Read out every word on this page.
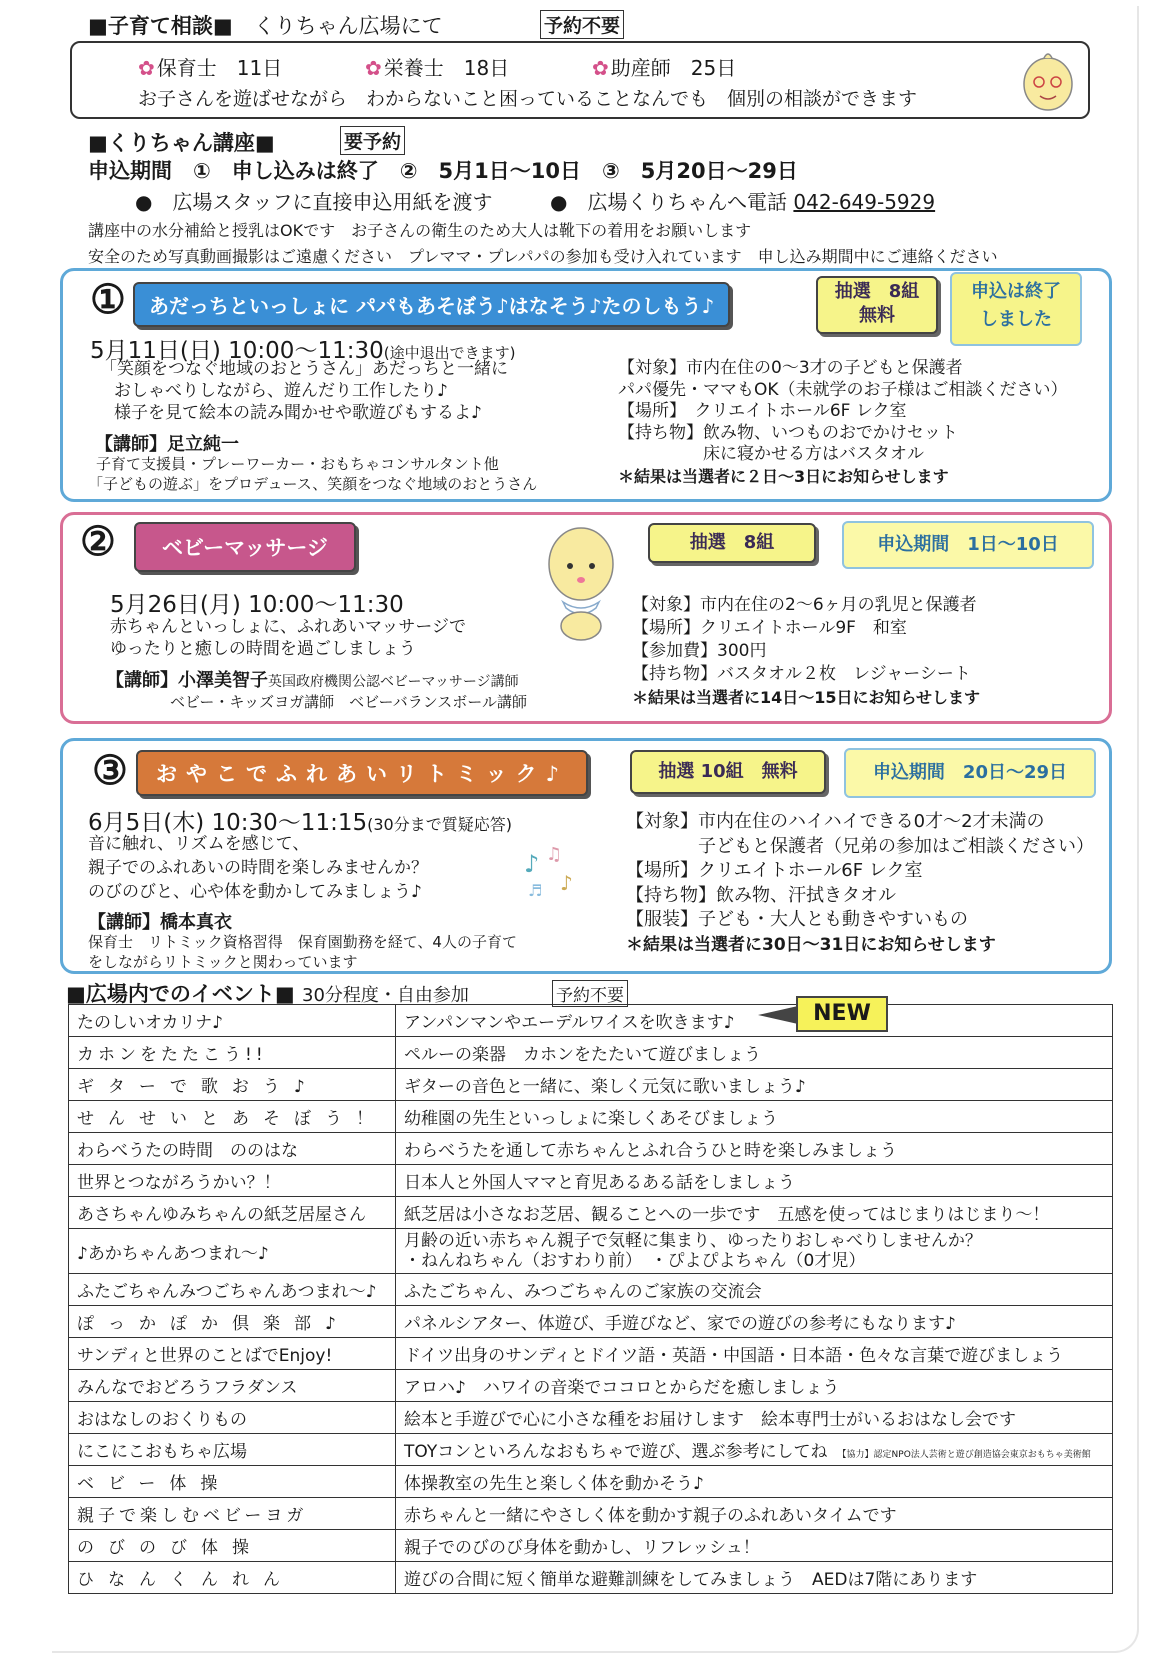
■子育て相談■　 くりちゃん広場にて	予約不要
✿ 保育士　 11日	✿ 栄養士　 18日	✿ 助産師　 25日
お子さんを遊ばせながら　わからないこと困っていることなんでも　個別の相談ができます
■くりちゃん講座■	要予約
申込期間　①　申し込みは終了　②　5月1日～10日　③　5月20日～29日
●　広場スタッフに直接申込用紙を渡す	●　広場くりちゃんへ電話 042-649-5929
講座中の水分補給と授乳はOKです　お子さんの衛生のため大人は靴下の着用をお願いします
安全のため写真動画撮影はご遠慮ください　プレママ・プレパパの参加も受け入れています　申し込み期間中にご連絡ください
①	あだっちといっしょに パパもあそぼう♪はなそう♪たのしもう♪
抽選　8組
無料
申込は終了
しました
5月11日(日) 10:00～11:30(途中退出できます)
「笑顔をつなぐ地域のおとうさん」あだっちと一緒に
おしゃべりしながら、遊んだり工作したり♪
様子を見て絵本の読み聞かせや歌遊びもするよ♪
【講師】足立純一
子育て支援員・プレーワーカー・おもちゃコンサルタント他
「子どもの遊ぶ」をプロデュース、笑顔をつなぐ地域のおとうさん
【対象】市内在住の0～3才の子どもと保護者
パパ優先・ママもOK（未就学のお子様はご相談ください）
【場所】　クリエイトホール6F レク室
【持ち物】飲み物、いつものおでかけセット
　　　　　床に寝かせる方はバスタオル
＊結果は当選者に２日～3日にお知らせします
②	ベビーマッサージ	抽選　8組	申込期間　1日～10日
5月26日(月) 10:00～11:30
赤ちゃんといっしょに、ふれあいマッサージで
ゆったりと癒しの時間を過ごしましょう
【講師】小澤美智子英国政府機関公認ベビーマッサージ講師
ベビー・キッズヨガ講師　ベビーバランスボール講師
【対象】市内在住の2～6ヶ月の乳児と保護者
【場所】クリエイトホール9F　和室
【参加費】300円
【持ち物】バスタオル２枚　レジャーシート
＊結果は当選者に14日～15日にお知らせします
③	おやこでふれあいリトミック♪	抽選 10組　無料	申込期間　20日～29日
6月5日(木) 10:30～11:15(30分まで質疑応答)
音に触れ、リズムを感じて、
親子でのふれあいの時間を楽しみませんか？
のびのびと、心や体を動かしてみましょう♪
♪ ♫
♪
♬
【講師】橋本真衣
保育士　リトミック資格習得　保育園勤務を経て、4人の子育て
をしながらリトミックと関わっています
【対象】市内在住のハイハイできる0才～2才未満の
　　　　子どもと保護者（兄弟の参加はご相談ください）
【場所】クリエイトホール6F レク室
【持ち物】飲み物、汗拭きタオル
【服装】子ども・大人とも動きやすいもの
＊結果は当選者に30日～31日にお知らせします
■広場内でのイベント■ 30分程度・自由参加	予約不要
たのしいオカリナ♪	アンパンマンやエーデルワイスを吹きます♪
カホンをたたこう!!	ペルーの楽器　カホンをたたいて遊びましょう
ギターで歌おう♪	ギターの音色と一緒に、楽しく元気に歌いましょう♪
せんせいとあそぼう！	幼稚園の先生といっしょに楽しくあそびましょう
わらべうたの時間　ののはな	わらべうたを通して赤ちゃんとふれ合うひと時を楽しみましょう
世界とつながろうかい？！	日本人と外国人ママと育児あるある話をしましょう
あさちゃんゆみちゃんの紙芝居屋さん	紙芝居は小さなお芝居、観ることへの一歩です　五感を使ってはじまりはじまり～！
♪あかちゃんあつまれ～♪	月齢の近い赤ちゃん親子で気軽に集まり、ゆったりおしゃべりしませんか？
・ねんねちゃん（おすわり前）　・ぴよぴよちゃん（0才児）

ふたごちゃんみつごちゃんあつまれ～♪	ふたごちゃん、みつごちゃんのご家族の交流会
ぽっかぽか倶楽部♪	パネルシアター、体遊び、手遊びなど、家での遊びの参考にもなります♪
サンディと世界のことばでEnjoy!	ドイツ出身のサンディとドイツ語・英語・中国語・日本語・色々な言葉で遊びましょう
みんなでおどろうフラダンス	アロハ♪　ハワイの音楽でココロとからだを癒しましょう
おはなしのおくりもの	絵本と手遊びで心に小さな種をお届けします　絵本専門士がいるおはなし会です
にこにこおもちゃ広場	TOYコンといろんなおもちゃで遊び、選ぶ参考にしてね 【協力】認定NPO法人芸術と遊び創造協会東京おもちゃ美術館
ベビー体操	体操教室の先生と楽しく体を動かそう♪
親子で楽しむベビーヨガ	赤ちゃんと一緒にやさしく体を動かす親子のふれあいタイムです
のびのび体操	親子でのびのび身体を動かし、リフレッシュ！
ひなんくんれん	遊びの合間に短く簡単な避難訓練をしてみましょう　AEDは7階にあります
NEW
